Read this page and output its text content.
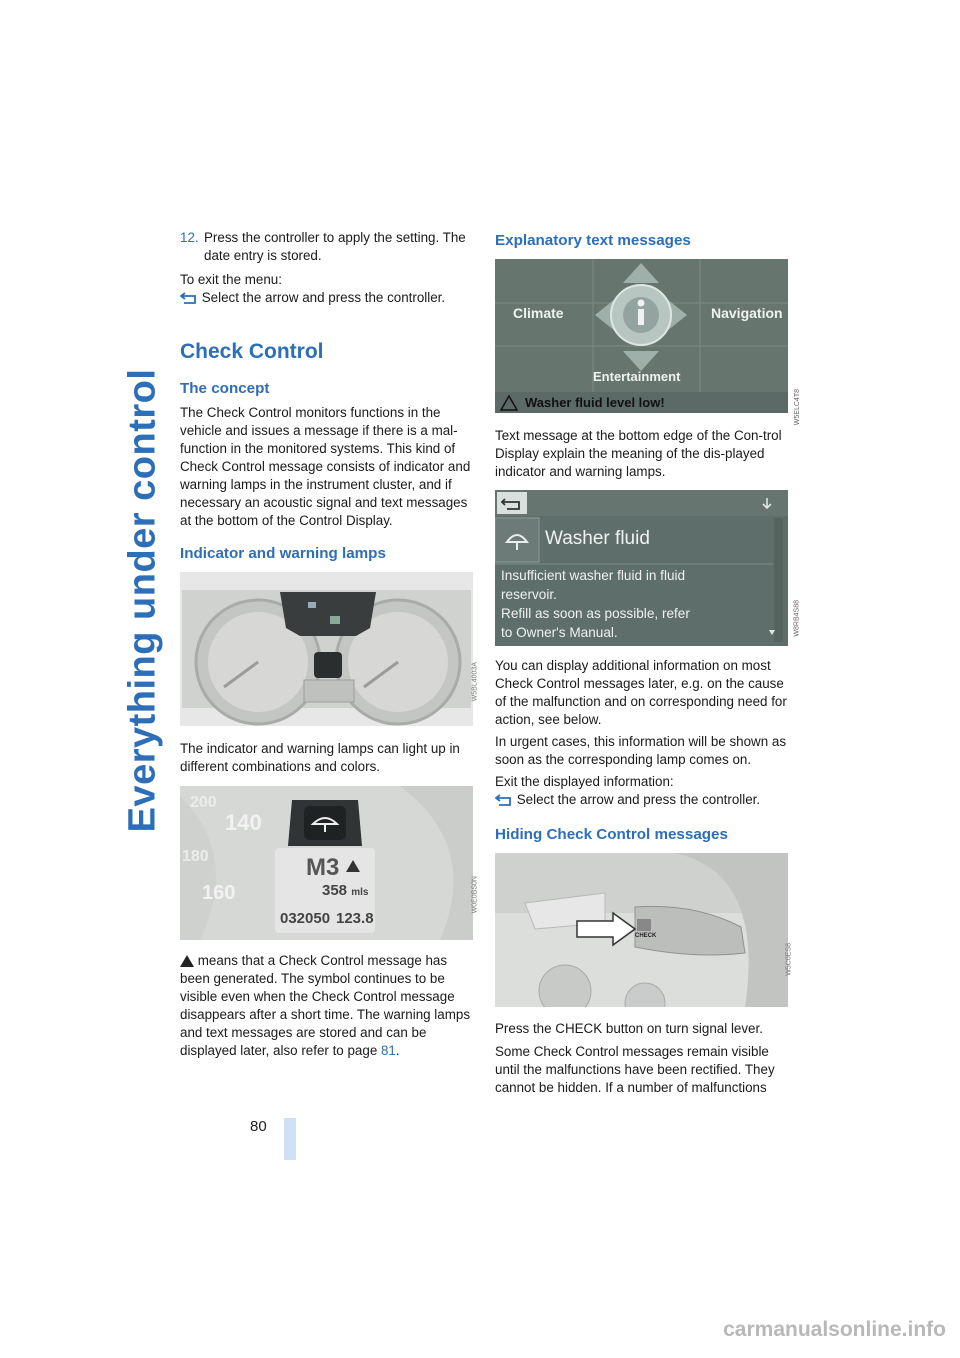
Everything under control
80
12. Press the controller to apply the setting. The date entry is stored.
To exit the menu:
Select the arrow and press the controller.
Check Control
The concept
The Check Control monitors functions in the vehicle and issues a message if there is a mal-function in the monitored systems. This kind of Check Control message consists of indicator and warning lamps in the instrument cluster, and if necessary an acoustic signal and text messages at the bottom of the Control Display.
Indicator and warning lamps
W5BL4003A
The indicator and warning lamps can light up in different combinations and colors.
200
140
180
160
M3
358 mls
032050 123.8
W0E0BS0N
means that a Check Control message has been generated. The symbol continues to be visible even when the Check Control message disappears after a short time. The warning lamps and text messages are stored and can be displayed later, also refer to page 81.
Explanatory text messages
Climate	Navigation
Entertainment
Washer fluid level low!	W5ELC4T8
Text message at the bottom edge of the Con-trol Display explain the meaning of the dis-played indicator and warning lamps.
Washer fluid
Insufficient washer fluid in fluid
reservoir.
Refill as soon as possible, refer
to Owner's Manual.	W8RB4S88
You can display additional information on most Check Control messages later, e.g. on the cause of the malfunction and on corresponding need for action, see below.
In urgent cases, this information will be shown as soon as the corresponding lamp comes on.
Exit the displayed information:
Select the arrow and press the controller.
Hiding Check Control messages
CHECK
W5C0ES8
Press the CHECK button on turn signal lever.
Some Check Control messages remain visible until the malfunctions have been rectified. They cannot be hidden. If a number of malfunctions
carmanualsonline.info
